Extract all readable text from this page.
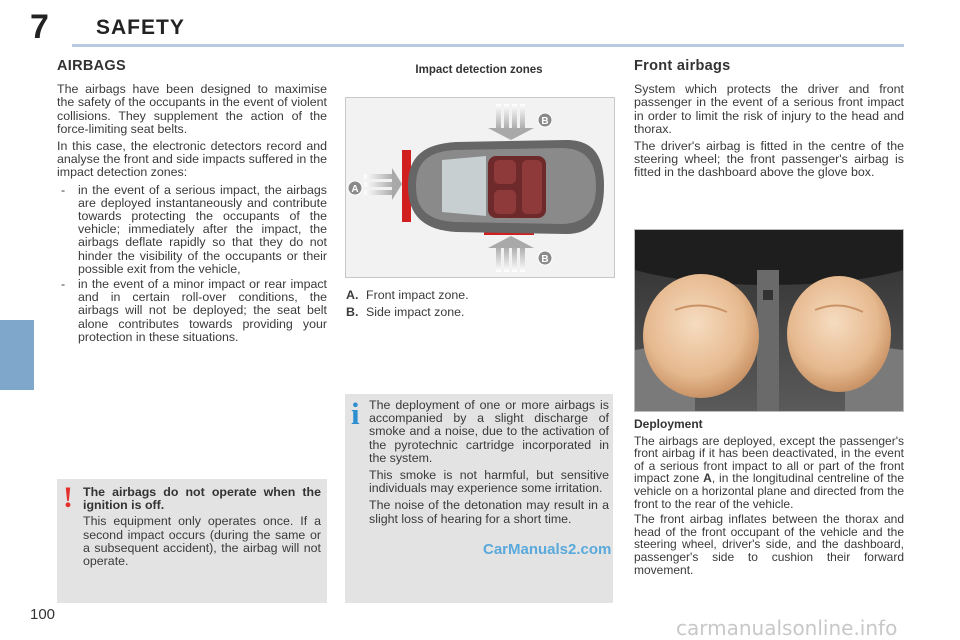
7 SAFETY
AIRBAGS

The airbags have been designed to maximise the safety of the occupants in the event of violent collisions. They supplement the action of the force-limiting seat belts.

In this case, the electronic detectors record and analyse the front and side impacts suffered in the impact detection zones:

- in the event of a serious impact, the airbags are deployed instantaneously and contribute towards protecting the occupants of the vehicle; immediately after the impact, the airbags deflate rapidly so that they do not hinder the visibility of the occupants or their possible exit from the vehicle,
- in the event of a minor impact or rear impact and in certain roll-over conditions, the airbags will not be deployed; the seat belt alone contributes towards providing your protection in these situations.
! The airbags do not operate when the ignition is off.

This equipment only operates once. If a second impact occurs (during the same or a subsequent accident), the airbag will not operate.

Impact detection zones
A
B
B
A. Front impact zone.
B. Side impact zone.
i The deployment of one or more airbags is accompanied by a slight discharge of smoke and a noise, due to the activation of the pyrotechnic cartridge incorporated in the system.

This smoke is not harmful, but sensitive individuals may experience some irritation.

The noise of the detonation may result in a slight loss of hearing for a short time.

CarManuals2.com
Front airbags

System which protects the driver and front passenger in the event of a serious front impact in order to limit the risk of injury to the head and thorax.

The driver's airbag is fitted in the centre of the steering wheel; the front passenger's airbag is fitted in the dashboard above the glove box.

Deployment

The airbags are deployed, except the passenger's front airbag if it has been deactivated, in the event of a serious front impact to all or part of the front impact zone A, in the longitudinal centreline of the vehicle on a horizontal plane and directed from the front to the rear of the vehicle.

The front airbag inflates between the thorax and head of the front occupant of the vehicle and the steering wheel, driver's side, and the dashboard, passenger's side to cushion their forward movement.

100
carmanualsonline.info
